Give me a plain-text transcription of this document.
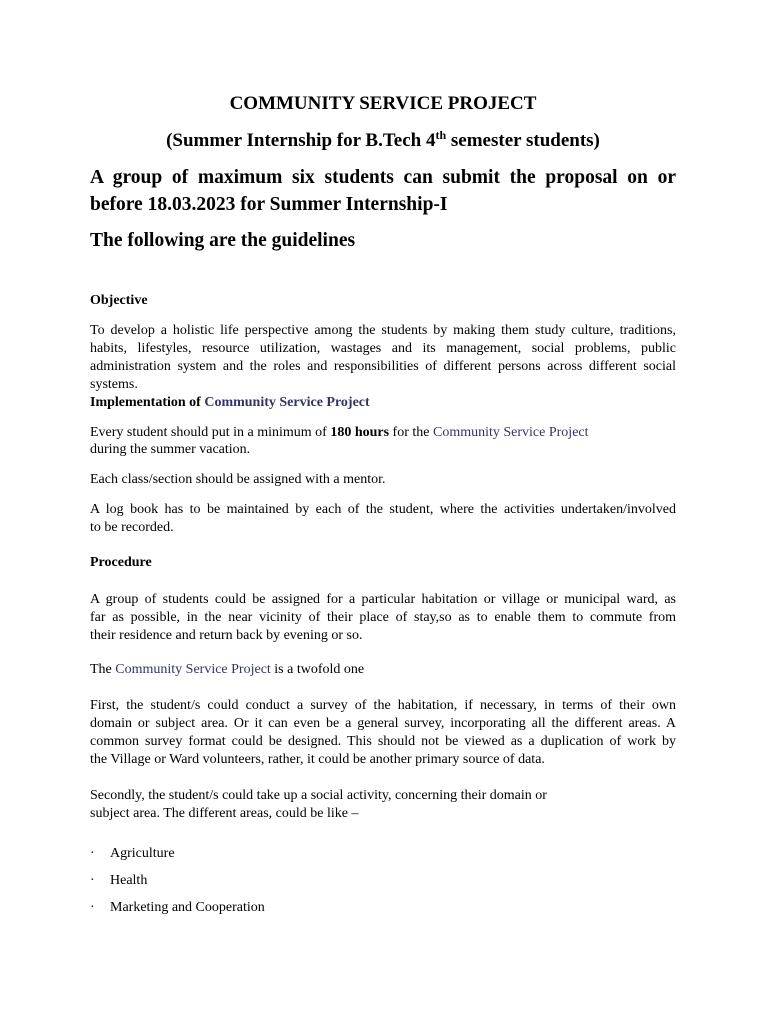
COMMUNITY SERVICE PROJECT
(Summer Internship for B.Tech 4th semester students)
A group of maximum six students can submit the proposal on or
before 18.03.2023 for Summer Internship-I
The following are the guidelines
Objective
To develop a holistic life perspective among the students by making them study culture, traditions,
habits, lifestyles, resource utilization, wastages and its management, social problems, public
administration system and the roles and responsibilities of different persons across different social
systems.
Implementation of Community Service Project
Every student should put in a minimum of 180 hours for the Community Service Project
during the summer vacation.
Each class/section should be assigned with a mentor.
A log book has to be maintained by each of the student, where the activities undertaken/involved
to be recorded.
Procedure
A group of students could be assigned for a particular habitation or village or municipal ward, as
far as possible, in the near vicinity of their place of stay,so as to enable them to commute from
their residence and return back by evening or so.
The Community Service Project is a twofold one
First, the student/s could conduct a survey of the habitation, if necessary, in terms of their own
domain or subject area. Or it can even be a general survey, incorporating all the different areas. A
common survey format could be designed. This should not be viewed as a duplication of work by
the Village or Ward volunteers, rather, it could be another primary source of data.
Secondly, the student/s could take up a social activity, concerning their domain or
subject area. The different areas, could be like –
· Agriculture
· Health
· Marketing and Cooperation
